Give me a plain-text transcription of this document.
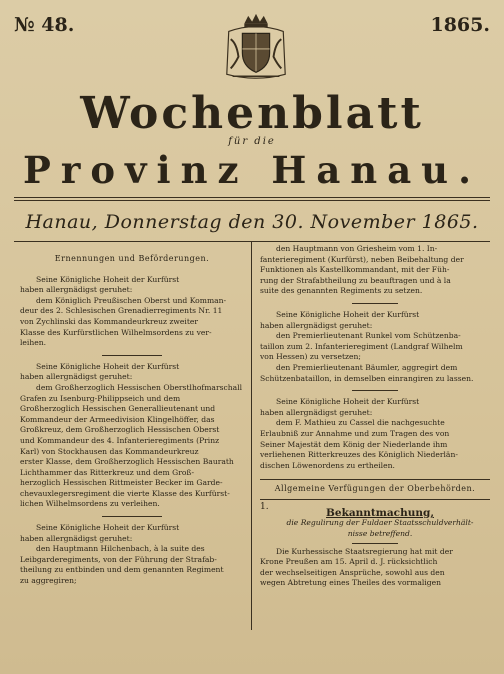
№ 48.	1865.
Wochenblatt
für die
Provinz Hanau.
Hanau, Donnerstag den 30. November 1865.
Ernennungen und Beförderungen.

Seine Königliche Hoheit der Kurfürst

haben allergnädigst geruhet:

dem Königlich Preußischen Oberst und Komman-

deur des 2. Schlesischen Grenadierregiments Nr. 11

von Zychlinski das Kommandeurkreuz zweiter

Klasse des Kurfürstlichen Wilhelmsordens zu ver-

leihen.

Seine Königliche Hoheit der Kurfürst

haben allergnädigst geruhet:

dem Großherzoglich Hessischen Oberstlhofmarschall

Grafen zu Isenburg-Philippseich und dem

Großherzoglich Hessischen Generallieutenant und

Kommandeur der Armeedivision Klingelhöffer, das

Großkreuz, dem Großherzoglich Hessischen Oberst

und Kommandeur des 4. Infanterieregiments (Prinz

Karl) von Stockhausen das Kommandeurkreuz

erster Klasse, dem Großherzoglich Hessischen Baurath

Lichthammer das Ritterkreuz und dem Groß-

herzoglich Hessischen Rittmeister Becker im Garde-

chevauxlegersregiment die vierte Klasse des Kurfürst-

lichen Wilhelmsordens zu verleihen.

Seine Königliche Hoheit der Kurfürst

haben allergnädigst geruhet:

den Hauptmann Hilchenbach, à la suite des

Leibgarderegiments, von der Führung der Strafab-

theilung zu entbinden und dem genannten Regiment

zu aggregiren;

den Hauptmann von Griesheim vom 1. In-

fanterieregiment (Kurfürst), neben Beibehaltung der

Funktionen als Kastellkommandant, mit der Füh-

rung der Strafabtheilung zu beauftragen und à la

suite des genannten Regiments zu setzen.

Seine Königliche Hoheit der Kurfürst

haben allergnädigst geruhet:

den Premierlieutenant Runkel vom Schützenba-

taillon zum 2. Infanterieregiment (Landgraf Wilhelm

von Hessen) zu versetzen;

den Premierlieutenant Bäumler, aggregirt dem

Schützenbataillon, in demselben einrangiren zu lassen.

Seine Königliche Hoheit der Kurfürst

haben allergnädigst geruhet:

dem F. Mathieu zu Cassel die nachgesuchte

Erlaubniß zur Annahme und zum Tragen des von

Seiner Majestät dem König der Niederlande ihm

verliehenen Ritterkreuzes des Königlich Niederlän-

dischen Löwenordens zu ertheilen.

Allgemeine Verfügungen der Oberbehörden.
1.	Bekanntmachung,

die Regulirung der Fuldaer Staatsschuldverhält-

nisse betreffend.

Die Kurhessische Staatsregierung hat mit der

Krone Preußen am 15. April d. J. rücksichtlich

der wechselseitigen Ansprüche, sowohl aus den

wegen Abtretung eines Theiles des vormaligen
